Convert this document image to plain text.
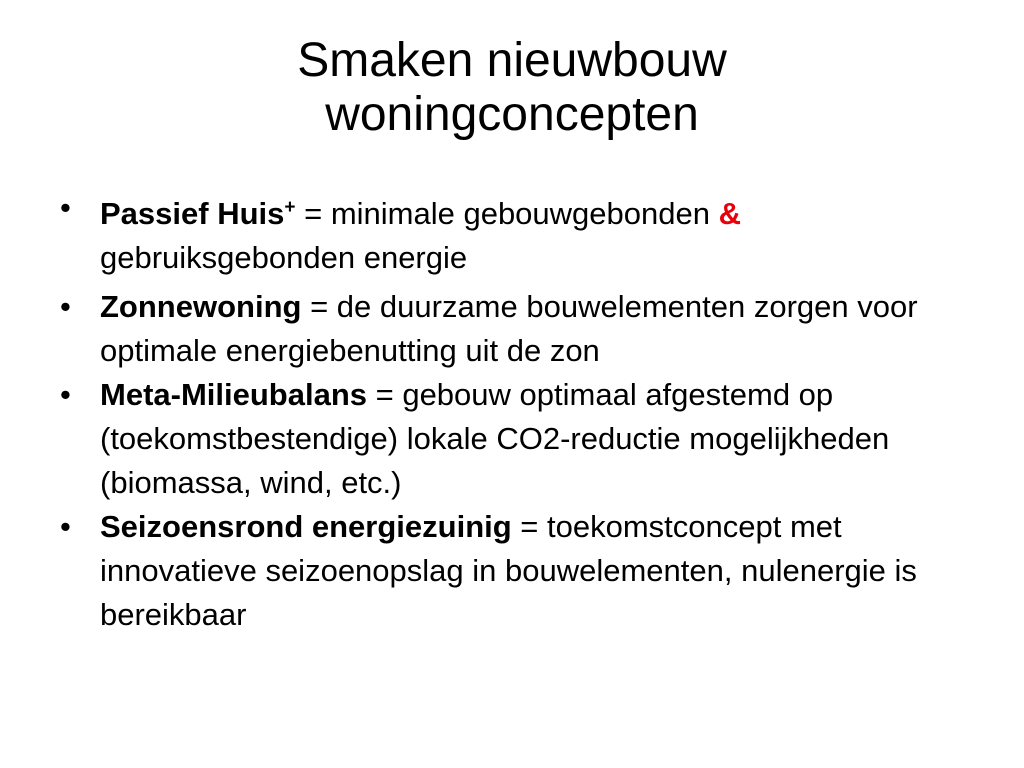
Smaken nieuwbouw
woningconcepten
• Passief Huis+ = minimale gebouwgebonden & gebruiksgebonden energie
• Zonnewoning = de duurzame bouwelementen zorgen voor optimale energiebenutting uit de zon
• Meta-Milieubalans = gebouw optimaal afgestemd op (toekomstbestendige) lokale CO2-reductie mogelijkheden (biomassa, wind, etc.)
• Seizoensrond energiezuinig = toekomstconcept met innovatieve seizoenopslag in bouwelementen, nulenergie is bereikbaar
